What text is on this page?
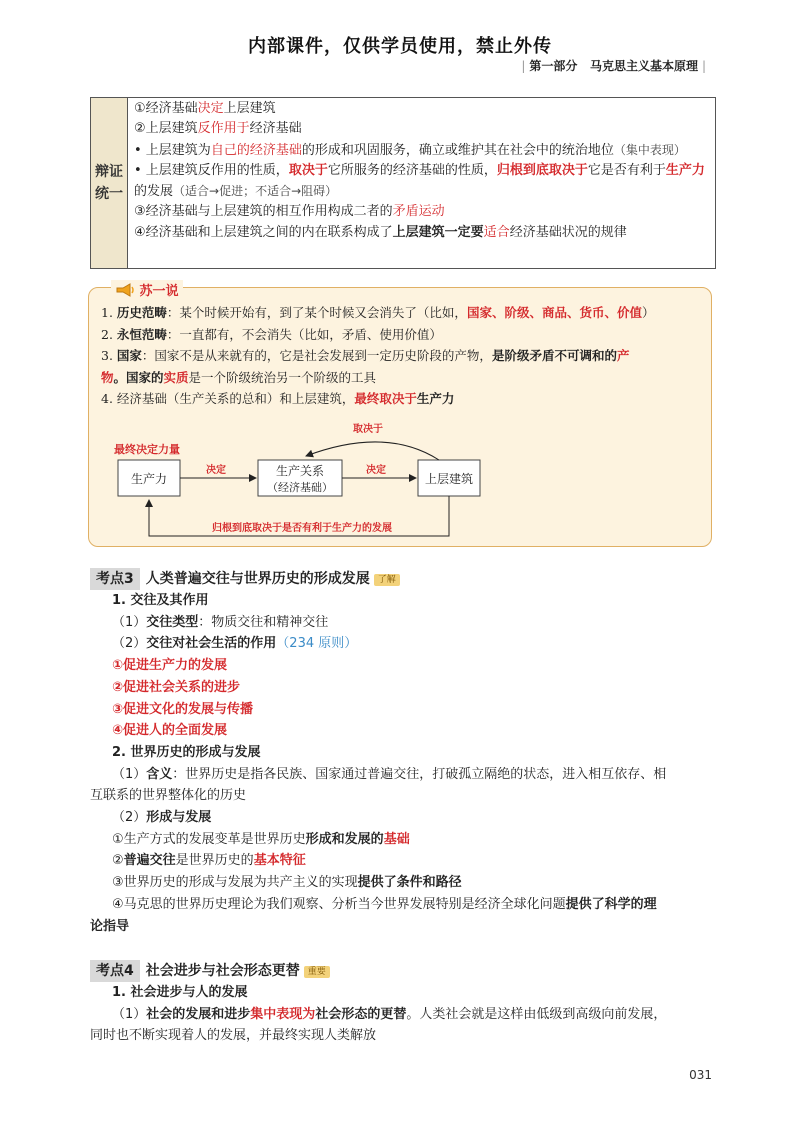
内部课件，仅供学员使用，禁止外传
| 第一部分 马克思主义基本原理 |
辩证统一
①经济基础决定上层建筑
②上层建筑反作用于经济基础
• 上层建筑为自己的经济基础的形成和巩固服务，确立或维护其在社会中的统治地位（集中表现）
• 上层建筑反作用的性质，取决于它所服务的经济基础的性质，归根到底取决于它是否有利于生产力的发展（适合→促进；不适合→阻碍）
③经济基础与上层建筑的相互作用构成二者的矛盾运动
④经济基础和上层建筑之间的内在联系构成了上层建筑一定要适合经济基础状况的规律
苏一说
1. 历史范畴：某个时候开始有，到了某个时候又会消失了（比如，国家、阶级、商品、货币、价值）
2. 永恒范畴：一直都有，不会消失（比如，矛盾、使用价值）
3. 国家：国家不是从来就有的，它是社会发展到一定历史阶段的产物，是阶级矛盾不可调和的产
物。国家的实质是一个阶级统治另一个阶级的工具
4. 经济基础（生产关系的总和）和上层建筑，最终取决于生产力
最终决定力量
生产力
生产关系
（经济基础）
上层建筑
决定	决定
取决于
归根到底取决于是否有利于生产力的发展
考点3 人类普遍交往与世界历史的形成发展 了解
1. 交往及其作用
（1）交往类型：物质交往和精神交往
（2）交往对社会生活的作用（234 原则）
①促进生产力的发展
②促进社会关系的进步
③促进文化的发展与传播
④促进人的全面发展
2. 世界历史的形成与发展
（1）含义：世界历史是指各民族、国家通过普遍交往，打破孤立隔绝的状态，进入相互依存、相
互联系的世界整体化的历史
（2）形成与发展
①生产方式的发展变革是世界历史形成和发展的基础
②普遍交往是世界历史的基本特征
③世界历史的形成与发展为共产主义的实现提供了条件和路径
④马克思的世界历史理论为我们观察、分析当今世界发展特别是经济全球化问题提供了科学的理
论指导
考点4 社会进步与社会形态更替 重要
1. 社会进步与人的发展
（1）社会的发展和进步集中表现为社会形态的更替。人类社会就是这样由低级到高级向前发展，
同时也不断实现着人的发展，并最终实现人类解放
031
